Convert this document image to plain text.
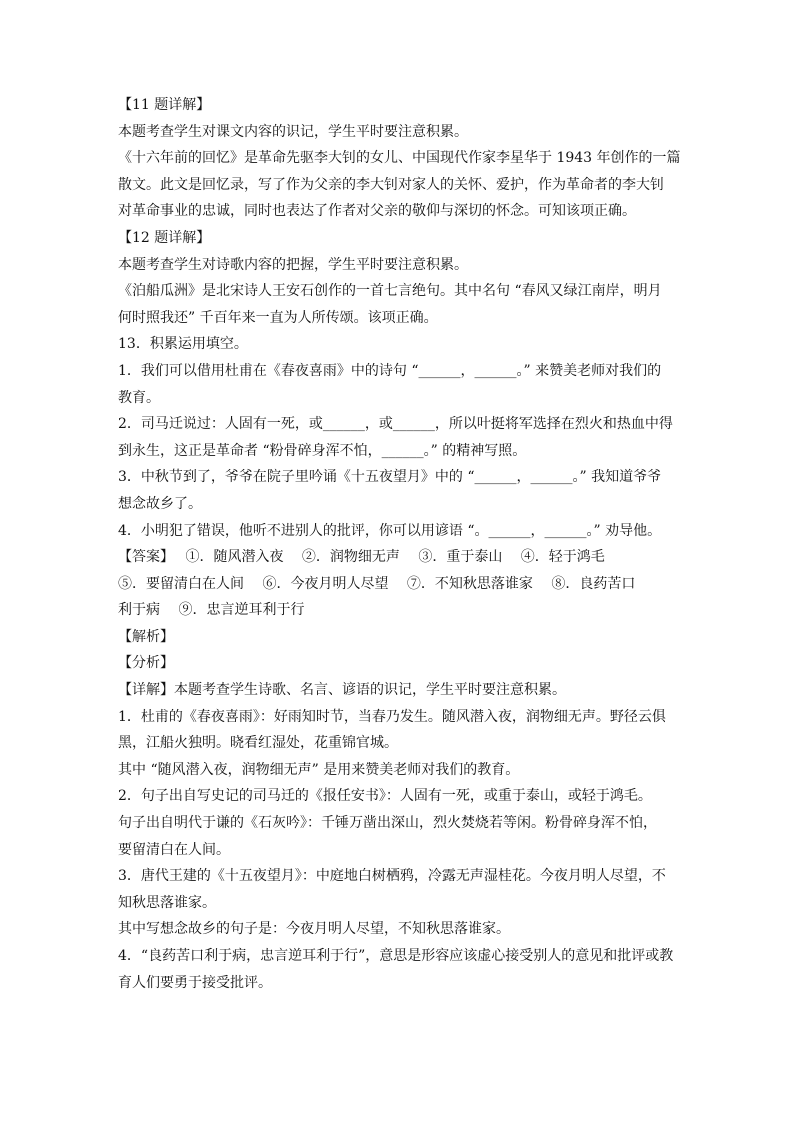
【11 题详解】
本题考查学生对课文内容的识记，学生平时要注意积累。
《十六年前的回忆》是革命先驱李大钊的女儿、中国现代作家李星华于 1943 年创作的一篇
散文。此文是回忆录，写了作为父亲的李大钊对家人的关怀、爱护，作为革命者的李大钊
对革命事业的忠诚，同时也表达了作者对父亲的敬仰与深切的怀念。可知该项正确。
【12 题详解】
本题考查学生对诗歌内容的把握，学生平时要注意积累。
《泊船瓜洲》是北宋诗人王安石创作的一首七言绝句。其中名句 “春风又绿江南岸，明月
何时照我还” 千百年来一直为人所传颂。该项正确。
13．积累运用填空。
1．我们可以借用杜甫在《春夜喜雨》中的诗句 “______，______。” 来赞美老师对我们的
教育。
2．司马迁说过：人固有一死，或______，或______，所以叶挺将军选择在烈火和热血中得
到永生，这正是革命者 “粉骨碎身浑不怕，______。” 的精神写照。
3．中秋节到了，爷爷在院子里吟诵《十五夜望月》中的 “______，______。” 我知道爷爷
想念故乡了。
4．小明犯了错误，他听不进别人的批评，你可以用谚语 “。______，______。” 劝导他。
【答案】　 ①．随风潜入夜　 ②．润物细无声　 ③．重于泰山　 ④．轻于鸿毛
⑤．要留清白在人间　 ⑥．今夜月明人尽望　 ⑦．不知秋思落谁家　 ⑧．良药苦口
利于病　 ⑨．忠言逆耳利于行
【解析】
【分析】
【详解】本题考查学生诗歌、名言、谚语的识记，学生平时要注意积累。
1．杜甫的《春夜喜雨》：好雨知时节，当春乃发生。随风潜入夜，润物细无声。野径云俱
黑，江船火独明。晓看红湿处，花重锦官城。
其中 “随风潜入夜，润物细无声” 是用来赞美老师对我们的教育。
2．句子出自写史记的司马迁的《报任安书》：人固有一死，或重于泰山，或轻于鸿毛。
句子出自明代于谦的《石灰吟》：千锤万凿出深山，烈火焚烧若等闲。粉骨碎身浑不怕，
要留清白在人间。
3．唐代王建的《十五夜望月》：中庭地白树栖鸦，冷露无声湿桂花。今夜月明人尽望，不
知秋思落谁家。
其中写想念故乡的句子是：今夜月明人尽望，不知秋思落谁家。
4．“良药苦口利于病，忠言逆耳利于行”，意思是形容应该虚心接受别人的意见和批评或教
育人们要勇于接受批评。
